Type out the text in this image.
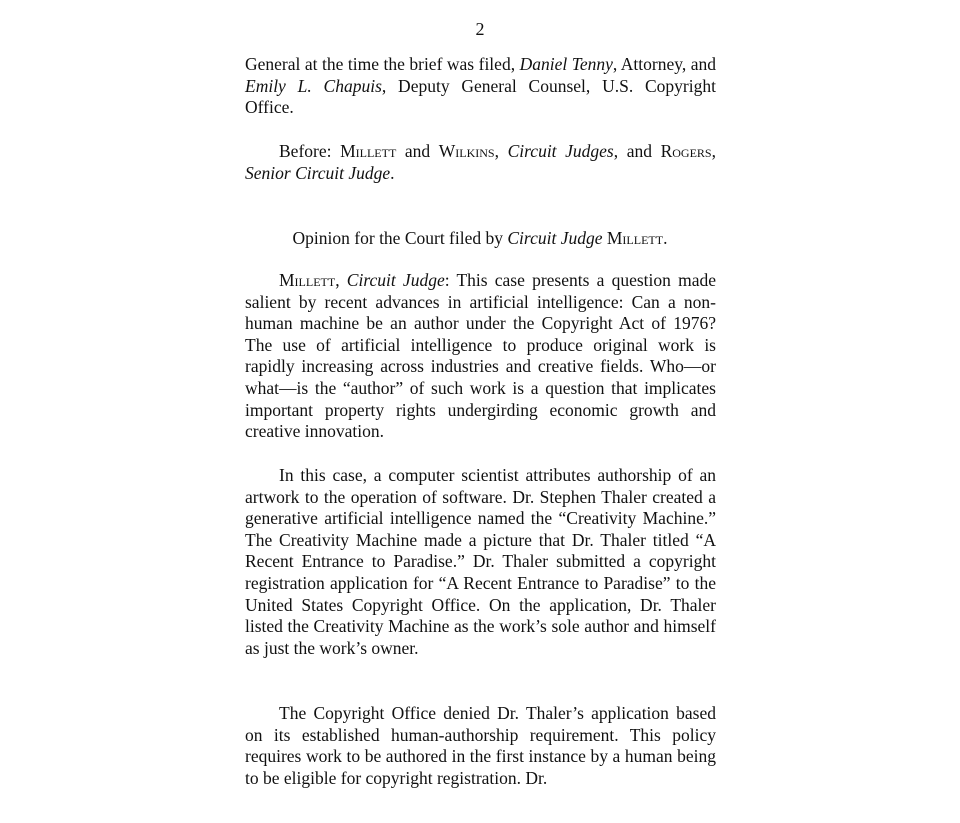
2
General at the time the brief was filed, Daniel Tenny, Attorney, and Emily L. Chapuis, Deputy General Counsel, U.S. Copyright Office.
Before: Millett and Wilkins, Circuit Judges, and Rogers, Senior Circuit Judge.
Opinion for the Court filed by Circuit Judge Millett.
Millett, Circuit Judge: This case presents a question made salient by recent advances in artificial intelligence: Can a non-human machine be an author under the Copyright Act of 1976? The use of artificial intelligence to produce original work is rapidly increasing across industries and creative fields. Who—or what—is the “author” of such work is a question that implicates important property rights undergirding economic growth and creative innovation.
In this case, a computer scientist attributes authorship of an artwork to the operation of software. Dr. Stephen Thaler created a generative artificial intelligence named the “Creativity Machine.” The Creativity Machine made a picture that Dr. Thaler titled “A Recent Entrance to Paradise.” Dr. Thaler submitted a copyright registration application for “A Recent Entrance to Paradise” to the United States Copyright Office. On the application, Dr. Thaler listed the Creativity Machine as the work’s sole author and himself as just the work’s owner.
The Copyright Office denied Dr. Thaler’s application based on its established human-authorship requirement. This policy requires work to be authored in the first instance by a human being to be eligible for copyright registration. Dr.
